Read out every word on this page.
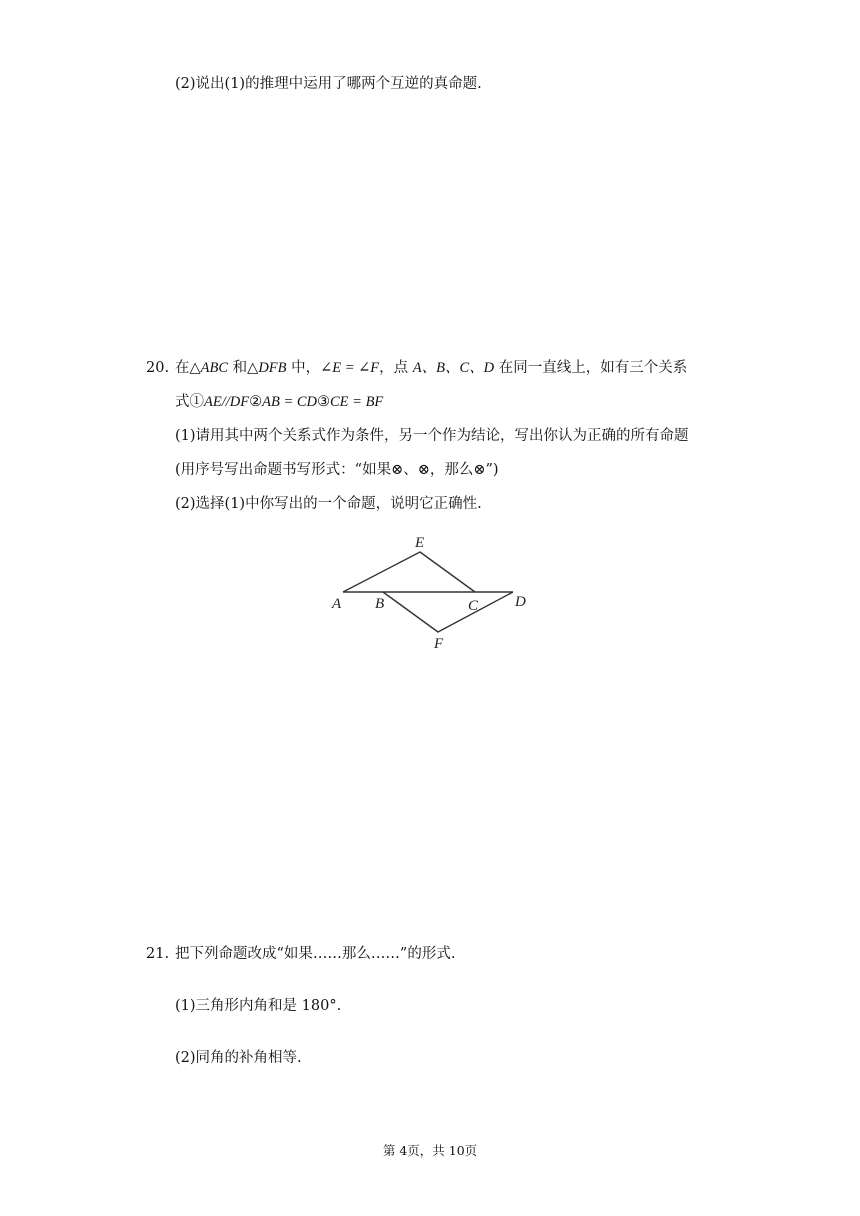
(2)说出(1)的推理中运用了哪两个互逆的真命题.
20. 在△ABC 和△DFB 中，∠E = ∠F，点 A、B、C、D 在同一直线上，如有三个关系
式①AE//DF②AB = CD③CE = BF
(1)请用其中两个关系式作为条件，另一个作为结论，写出你认为正确的所有命题
(用序号写出命题书写形式：“如果⊗、⊗，那么⊗”)
(2)选择(1)中你写出的一个命题，说明它正确性.
E
A B	C D
F
21. 把下列命题改成“如果……那么……”的形式.
(1)三角形内角和是 180°.
(2)同角的补角相等.
第 4页，共 10页
